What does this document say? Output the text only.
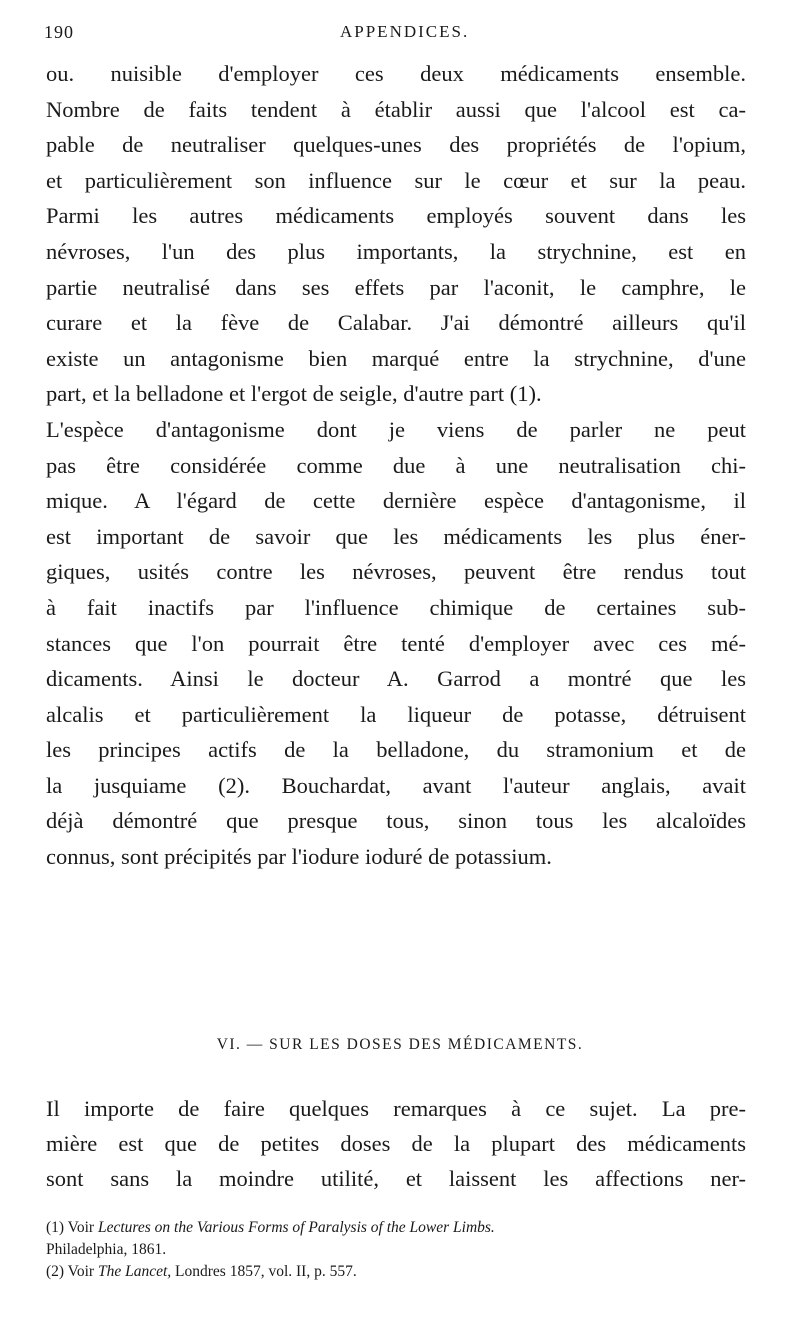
190	APPENDICES.
ou. nuisible d'employer ces deux médicaments ensemble.
Nombre de faits tendent à établir aussi que l'alcool est ca-
pable de neutraliser quelques-unes des propriétés de l'opium,
et particulièrement son influence sur le cœur et sur la peau.
Parmi les autres médicaments employés souvent dans les
névroses, l'un des plus importants, la strychnine, est en
partie neutralisé dans ses effets par l'aconit, le camphre, le
curare et la fève de Calabar. J'ai démontré ailleurs qu'il
existe un antagonisme bien marqué entre la strychnine, d'une
part, et la belladone et l'ergot de seigle, d'autre part (1).
L'espèce d'antagonisme dont je viens de parler ne peut
pas être considérée comme due à une neutralisation chi-
mique. A l'égard de cette dernière espèce d'antagonisme, il
est important de savoir que les médicaments les plus éner-
giques, usités contre les névroses, peuvent être rendus tout
à fait inactifs par l'influence chimique de certaines sub-
stances que l'on pourrait être tenté d'employer avec ces mé-
dicaments. Ainsi le docteur A. Garrod a montré que les
alcalis et particulièrement la liqueur de potasse, détruisent
les principes actifs de la belladone, du stramonium et de
la jusquiame (2). Bouchardat, avant l'auteur anglais, avait
déjà démontré que presque tous, sinon tous les alcaloïdes
connus, sont précipités par l'iodure ioduré de potassium.
VI. — SUR LES DOSES DES MÉDICAMENTS.
Il importe de faire quelques remarques à ce sujet. La pre-
mière est que de petites doses de la plupart des médicaments
sont sans la moindre utilité, et laissent les affections ner-
(1) Voir Lectures on the Various Forms of Paralysis of the Lower Limbs.
Philadelphia, 1861.
(2) Voir The Lancet, Londres 1857, vol. II, p. 557.
